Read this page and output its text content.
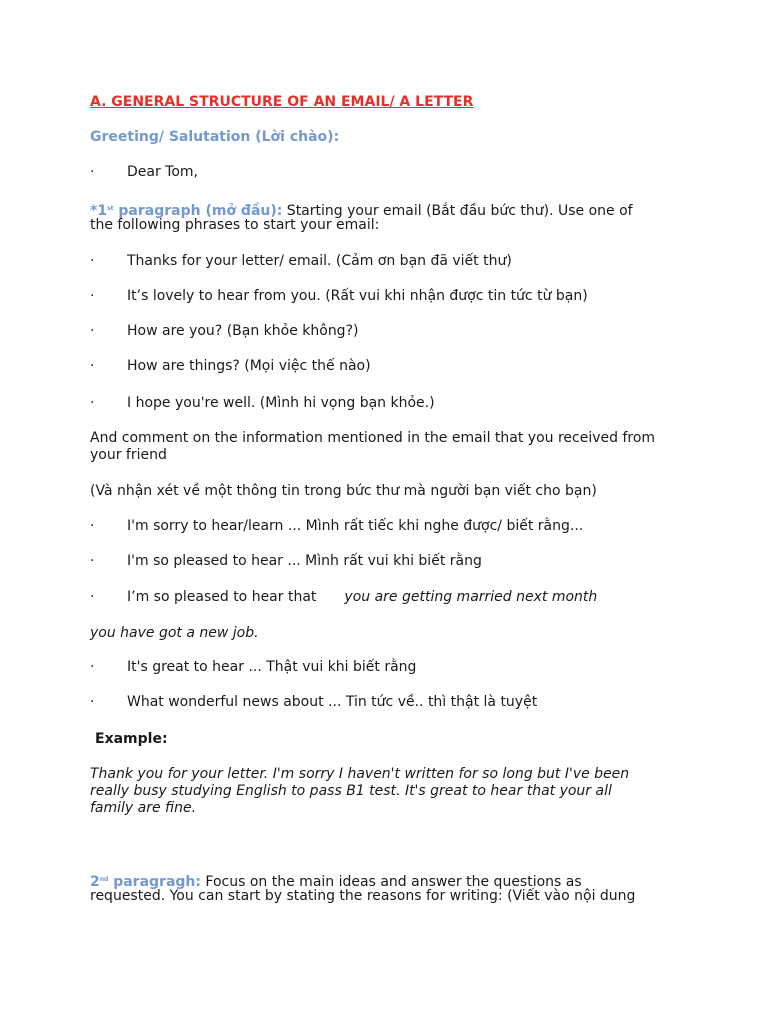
A. GENERAL STRUCTURE OF AN EMAIL/ A LETTER
Greeting/ Salutation (Lời chào):
· Dear Tom,
*1st paragraph (mở đầu): Starting your email (Bắt đầu bức thư). Use one of
the following phrases to start your email:
· Thanks for your letter/ email. (Cảm ơn bạn đã viết thư)
· It’s lovely to hear from you. (Rất vui khi nhận được tin tức từ bạn)
· How are you? (Bạn khỏe không?)
· How are things? (Mọi việc thế nào)
· I hope you're well. (Mình hi vọng bạn khỏe.)
And comment on the information mentioned in the email that you received from
your friend
(Và nhận xét về một thông tin trong bức thư mà người bạn viết cho bạn)
· I'm sorry to hear/learn ... Mình rất tiếc khi nghe được/ biết rằng...
· I'm so pleased to hear ... Mình rất vui khi biết rằng
· I’m so pleased to hear that you are getting married next month
you have got a new job.
· It's great to hear ... Thật vui khi biết rằng
· What wonderful news about ... Tin tức về.. thì thật là tuyệt
Example:
Thank you for your letter. I'm sorry I haven't written for so long but I've been
really busy studying English to pass B1 test. It's great to hear that your all
family are fine.
2nd paragragh: Focus on the main ideas and answer the questions as
requested. You can start by stating the reasons for writing: (Viết vào nội dung
